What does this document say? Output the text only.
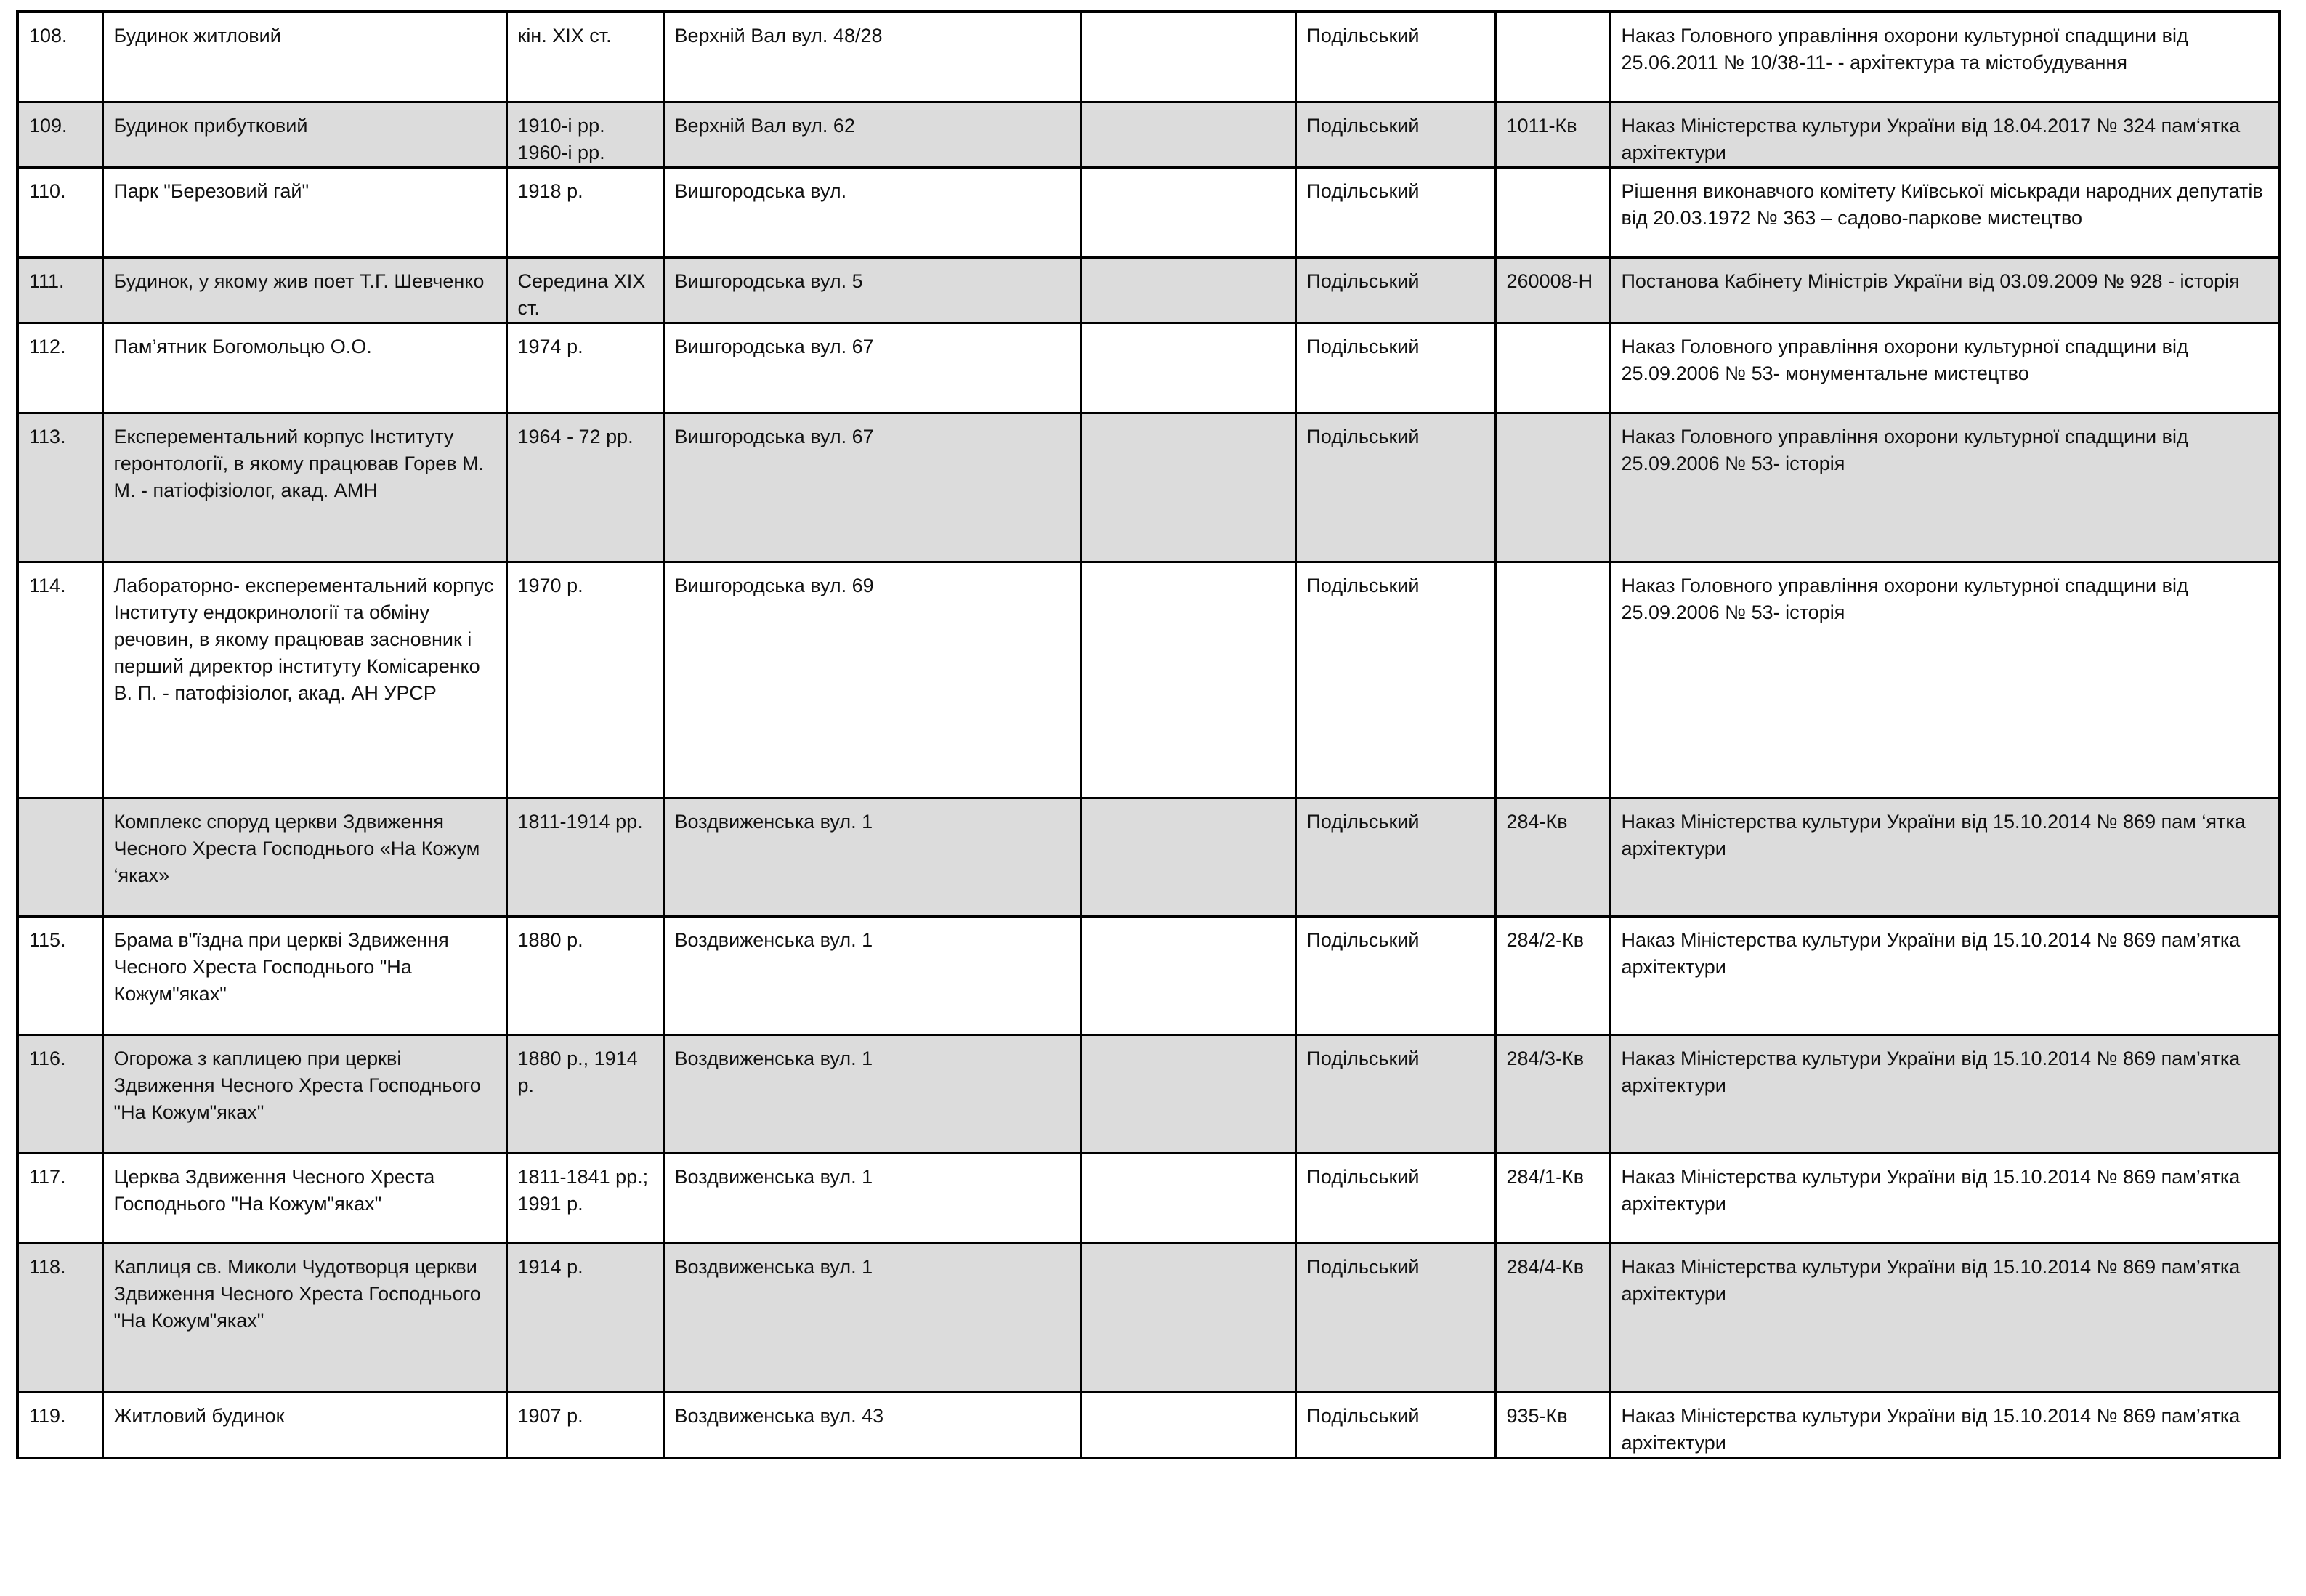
108.	Будинок житловий	кін. ХІХ ст.	Верхній Вал вул. 48/28		Подільський		Наказ Головного управління охорони культурної спадщини від 25.06.2011 № 10/38-11- - архітектура та містобудування
109.	Будинок прибутковий	1910-і рр. 1960-і рр.	Верхній Вал вул. 62		Подільський	1011-Кв	Наказ Міністерства культури України від 18.04.2017 № 324 пам‘ятка архітектури
110.	Парк "Березовий гай"	1918 р.	Вишгородська вул.		Подільський		Рішення виконавчого комітету Київської міськради народних депутатів від 20.03.1972 № 363 – садово-паркове мистецтво
111.	Будинок, у якому жив поет Т.Г. Шевченко	Середина ХІХ ст.	Вишгородська вул. 5		Подільський	260008-Н	Постанова Кабінету Міністрів України від 03.09.2009 № 928 - історія
112.	Пам’ятник Богомольцю О.О.	1974 р.	Вишгородська вул. 67		Подільський		Наказ Головного управління охорони культурної спадщини від 25.09.2006 № 53- монументальне мистецтво
113.	Експерементальний корпус Інституту геронтології, в якому працював Горев М. М. - патіофізіолог, акад. АМН	1964 - 72 рр.	Вишгородська вул. 67		Подільський		Наказ Головного управління охорони культурної спадщини від 25.09.2006 № 53- історія
114.	Лабораторно- експерементальний корпус Інституту ендокринології та обміну речовин, в якому працював засновник і перший директор інституту Комісаренко В. П. - патофізіолог, акад. АН УРСР	1970 р.	Вишгородська вул. 69		Подільський		Наказ Головного управління охорони культурної спадщини від 25.09.2006 № 53- історія
	Комплекс споруд церкви Здвиження Чесного Хреста Господнього «На Кожум ‘яках»	1811-1914 рр.	Воздвиженська вул. 1		Подільський	284-Кв	Наказ Міністерства культури України від 15.10.2014 № 869 пам ‘ятка архітектури
115.	Брама в"їздна при церкві Здвиження Чесного Хреста Господнього "На Кожум"яках"	1880 р.	Воздвиженська вул. 1		Подільський	284/2-Кв	Наказ Міністерства культури України від 15.10.2014 № 869 пам’ятка архітектури
116.	Огорожа з каплицею при церкві Здвиження Чесного Хреста Господнього "На Кожум"яках"	1880 р., 1914 р.	Воздвиженська вул. 1		Подільський	284/3-Кв	Наказ Міністерства культури України від 15.10.2014 № 869 пам’ятка архітектури
117.	Церква Здвиження Чесного Хреста Господнього "На Кожум"яках"	1811-1841 рр.; 1991 р.	Воздвиженська вул. 1		Подільський	284/1-Кв	Наказ Міністерства культури України від 15.10.2014 № 869 пам’ятка архітектури
118.	Каплиця св. Миколи Чудотворця церкви Здвиження Чесного Хреста Господнього "На Кожум"яках"	1914 р.	Воздвиженська вул. 1		Подільський	284/4-Кв	Наказ Міністерства культури України від 15.10.2014 № 869 пам’ятка архітектури
119.	Житловий будинок	1907 р.	Воздвиженська вул. 43		Подільський	935-Кв	Наказ Міністерства культури України від 15.10.2014 № 869 пам’ятка архітектури
